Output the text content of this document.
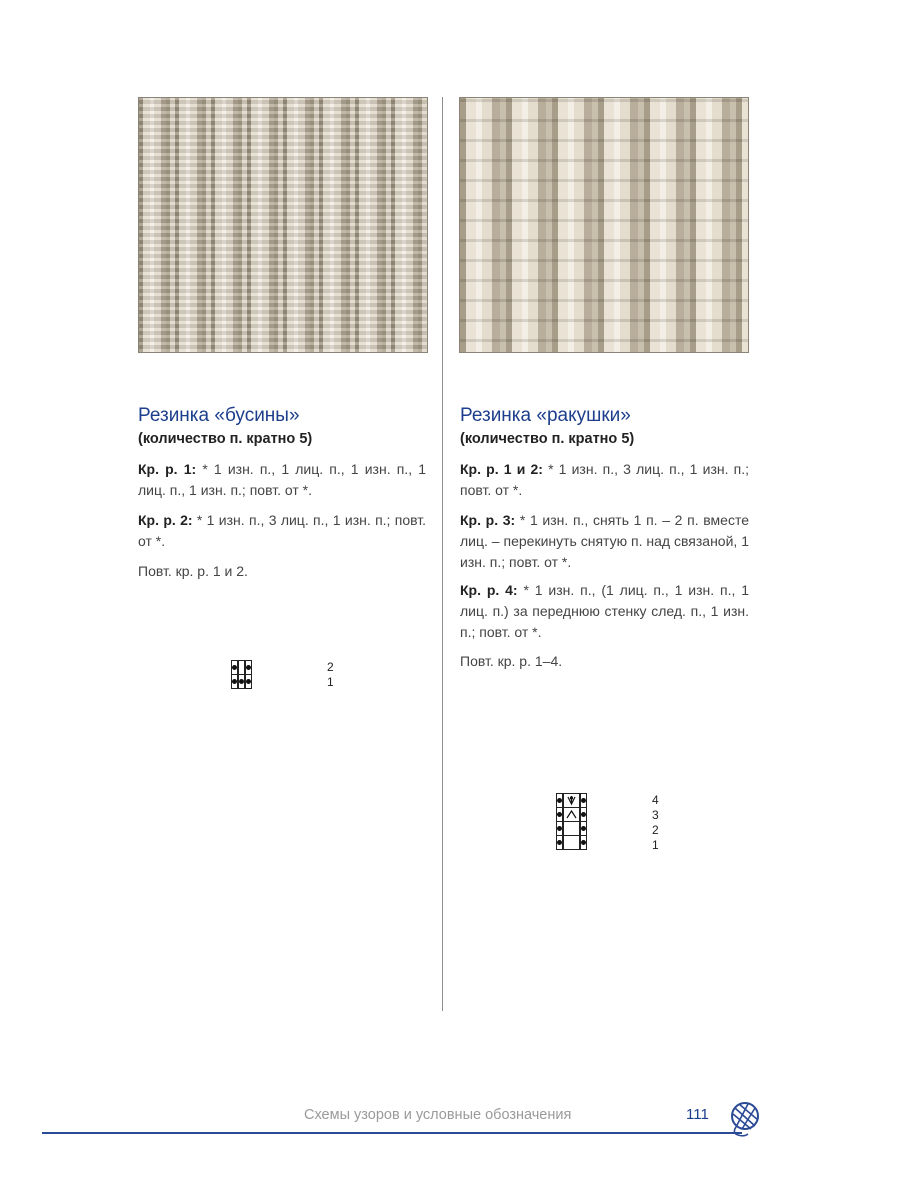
Резинка «бусины»
(количество п. кратно 5)
Кр. р. 1: * 1 изн. п., 1 лиц. п., 1 изн. п., 1 лиц. п., 1 изн. п.; повт. от *.
Кр. р. 2: * 1 изн. п., 3 лиц. п., 1 изн. п.; повт. от *.
Повт. кр. р. 1 и 2.

2
1
Резинка «ракушки»
(количество п. кратно 5)
Кр. р. 1 и 2: * 1 изн. п., 3 лиц. п., 1 изн. п.; повт. от *.
Кр. р. 3: * 1 изн. п., снять 1 п. – 2 п. вместе лиц. – перекинуть снятую п. над связаной, 1 изн. п.; повт. от *.
Кр. р. 4: * 1 изн. п., (1 лиц. п., 1 изн. п., 1 лиц. п.) за переднюю стенку след. п., 1 изн. п.; повт. от *.
Повт. кр. р. 1–4.

4
3
2
1
Схемы узоров и условные обозначения	111
